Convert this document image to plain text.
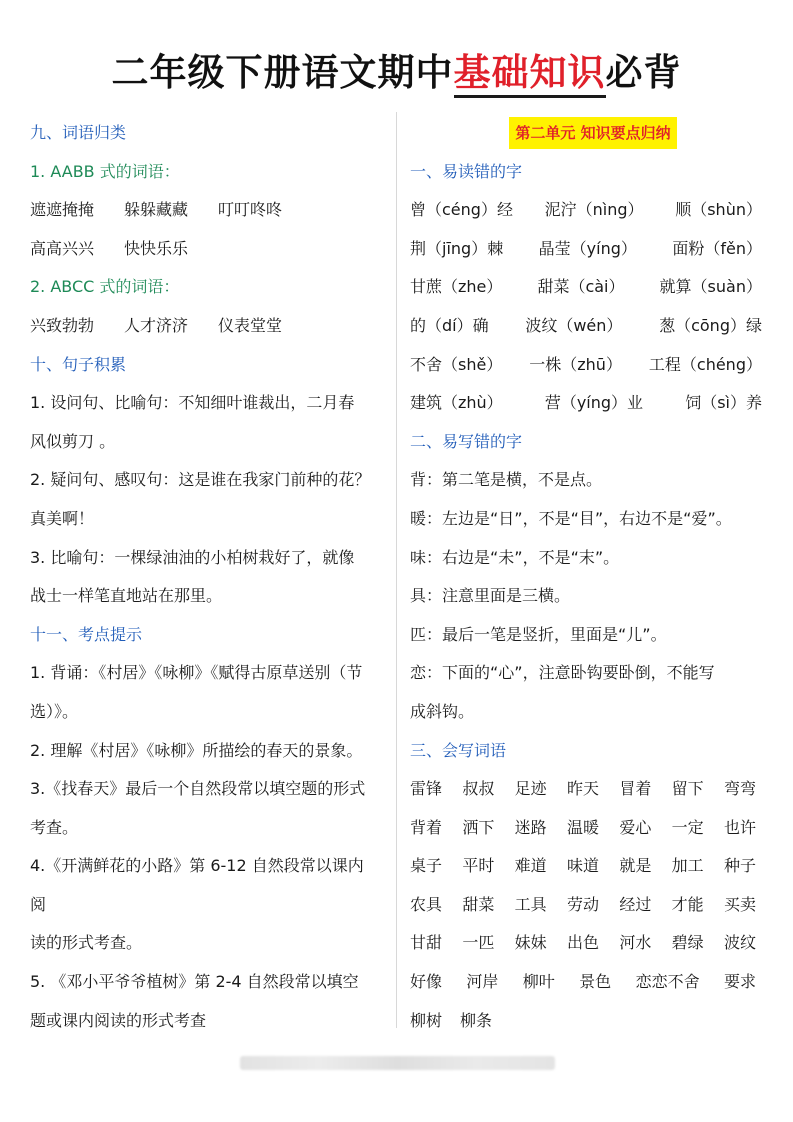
二年级下册语文期中基础知识必背
九、词语归类
1. AABB 式的词语：
遮遮掩掩 躲躲藏藏 叮叮咚咚
高高兴兴 快快乐乐
2. ABCC 式的词语：
兴致勃勃 人才济济 仪表堂堂
十、句子积累
1. 设问句、比喻句：不知细叶谁裁出，二月春
风似剪刀 。
2. 疑问句、感叹句：这是谁在我家门前种的花？
真美啊！
3. 比喻句：一棵绿油油的小柏树栽好了，就像
战士一样笔直地站在那里。
十一、考点提示
1. 背诵：《村居》《咏柳》《赋得古原草送别（节
选）》。
2. 理解《村居》《咏柳》所描绘的春天的景象。
3.《找春天》最后一个自然段常以填空题的形式
考查。
4.《开满鲜花的小路》第 6-12 自然段常以课内
阅
读的形式考查。
5. 《邓小平爷爷植树》第 2-4 自然段常以填空
题或课内阅读的形式考查
第二单元 知识要点归纳
一、易读错的字
曾（céng）经 泥泞（nìng） 顺（shùn）
荆（jīng）棘 晶莹（yíng） 面粉（fěn）
甘蔗（zhe） 甜菜（cài） 就算（suàn）
的（dí）确 波纹（wén） 葱（cōng）绿
不舍（shě） 一株（zhū） 工程（chéng）
建筑（zhù）	营（yíng）业	饲（sì）养
二、易写错的字
背：第二笔是横，不是点。
暖：左边是“日”，不是“目”，右边不是“爱”。
味：右边是“未”，不是“末”。
具：注意里面是三横。
匹：最后一笔是竖折，里面是“儿”。
恋：下面的“心”，注意卧钩要卧倒，不能写
成斜钩。
三、会写词语
雷锋 叔叔 足迹 昨天 冒着 留下 弯弯
背着 洒下 迷路 温暖 爱心 一定 也许
桌子 平时 难道 味道 就是 加工 种子
农具 甜菜 工具 劳动 经过 才能 买卖
甘甜 一匹 妹妹 出色 河水 碧绿 波纹
好像 河岸 柳叶 景色 恋恋不舍 要求
柳树 柳条
